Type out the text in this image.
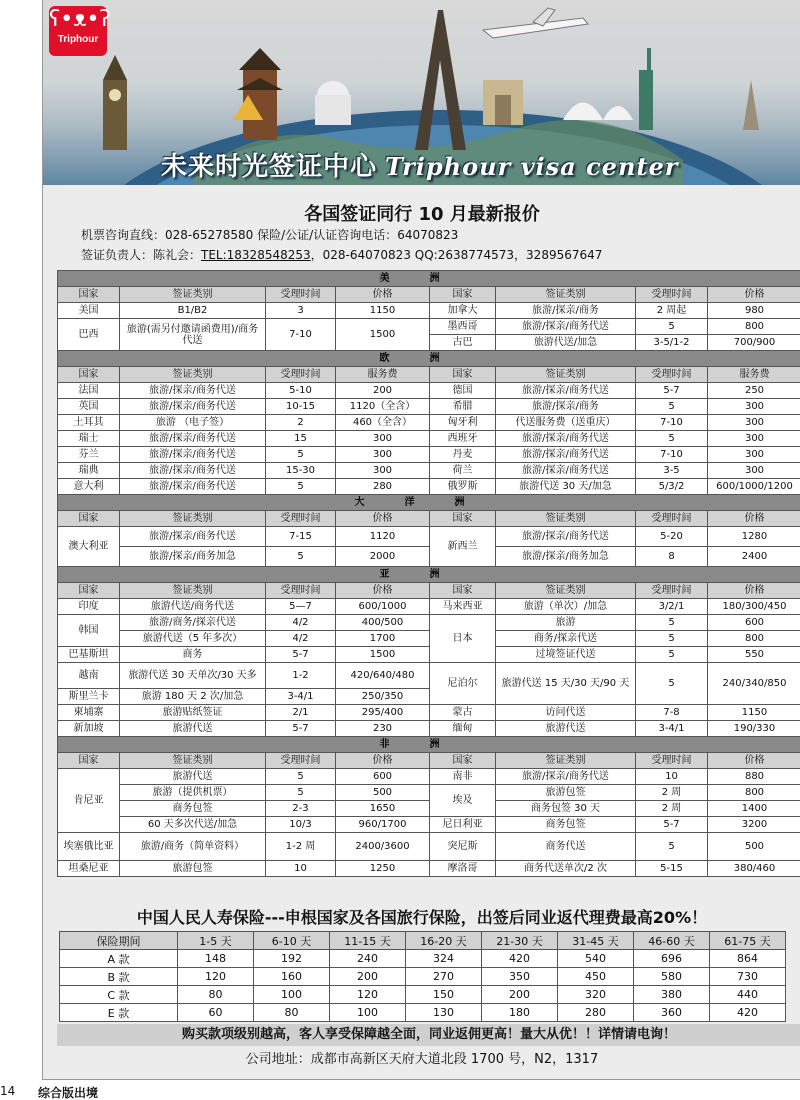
ʕ•ᴥ•ʔ
Triphour
未来时光签证中心 Triphour visa center
各国签证同行 10 月最新报价
机票咨询直线：028-65278580 保险/公证/认证咨询电话：64070823
签证负责人：陈礼会：TEL:18328548253，028-64070823 QQ:2638774573，3289567647
美洲							
国家	签证类别	受理时间	价格	国家	签证类别	受理时间	价格
美国	B1/B2	3	1150	加拿大	旅游/探亲/商务	2 周起	980
巴西	旅游(需另付邀请函费用)/商务代送	7-10	1500	墨西哥	旅游/探亲/商务代送	5	800
				古巴	旅游代送/加急	3-5/1-2	700/900
欧洲							
国家	签证类别	受理时间	服务费	国家	签证类别	受理时间	服务费
法国	旅游/探亲/商务代送	5-10	200	德国	旅游/探亲/商务代送	5-7	250
英国	旅游/探亲/商务代送	10-15	1120（全含）	希腊	旅游/探亲/商务	5	300
土耳其	旅游 （电子签）	2	460（全含）	匈牙利	代送服务费（送重庆）	7-10	300
瑞士	旅游/探亲/商务代送	15	300	西班牙	旅游/探亲/商务代送	5	300
芬兰	旅游/探亲/商务代送	5	300	丹麦	旅游/探亲/商务代送	7-10	300
瑞典	旅游/探亲/商务代送	15-30	300	荷兰	旅游/探亲/商务代送	3-5	300
意大利	旅游/探亲/商务代送	5	280	俄罗斯	旅游代送 30 天/加急	5/3/2	600/1000/1200
大洋洲							
国家	签证类别	受理时间	价格	国家	签证类别	受理时间	价格
澳大利亚	旅游/探亲/商务代送	7-15	1120	新西兰	旅游/探亲/商务代送	5-20	1280
	旅游/探亲/商务加急	5	2000		旅游/探亲/商务加急	8	2400
亚洲							
国家	签证类别	受理时间	价格	国家	签证类别	受理时间	价格
印度	旅游代送/商务代送	5—7	600/1000	马来西亚	旅游（单次）/加急	3/2/1	180/300/450
韩国	旅游/商务/探亲代送	4/2	400/500	日本	旅游	5	600
	旅游代送（5 年多次）	4/2	1700		商务/探亲代送	5	800
巴基斯坦	商务	5-7	1500		过境签证代送	5	550
越南	旅游代送 30 天单次/30 天多	1-2	420/640/480	尼泊尔	旅游代送 15 天/30 天/90 天	5	240/340/850
斯里兰卡	旅游 180 天 2 次/加急	3-4/1	250/350				
柬埔寨	旅游贴纸签证	2/1	295/400	蒙古	访问代送	7-8	1150
新加坡	旅游代送	5-7	230	缅甸	旅游代送	3-4/1	190/330
非洲							
国家	签证类别	受理时间	价格	国家	签证类别	受理时间	价格
肯尼亚	旅游代送	5	600	南非	旅游/探亲/商务代送	10	880
	旅游（提供机票）	5	500	埃及	旅游包签	2 周	800
	商务包签	2-3	1650		商务包签 30 天	2 周	1400
	60 天多次代送/加急	10/3	960/1700	尼日利亚	商务包签	5-7	3200
埃塞俄比亚	旅游/商务（简单资料）	1-2 周	2400/3600	突尼斯	商务代送	5	500
坦桑尼亚	旅游包签	10	1250	摩洛哥	商务代送单次/2 次	5-15	380/460
中国人民人寿保险---申根国家及各国旅行保险，出签后同业返代理费最高20%！
保险期间	1-5 天	6-10 天	11-15 天	16-20 天	21-30 天	31-45 天	46-60 天	61-75 天
A 款	148	192	240	324	420	540	696	864
B 款	120	160	200	270	350	450	580	730
C 款	80	100	120	150	200	320	380	440
E 款	60	80	100	130	180	280	360	420
购买款项级别越高，客人享受保障越全面，同业返佣更高！量大从优！！详情请电询！
公司地址：成都市高新区天府大道北段 1700 号，N2，1317
14 综合版出境
